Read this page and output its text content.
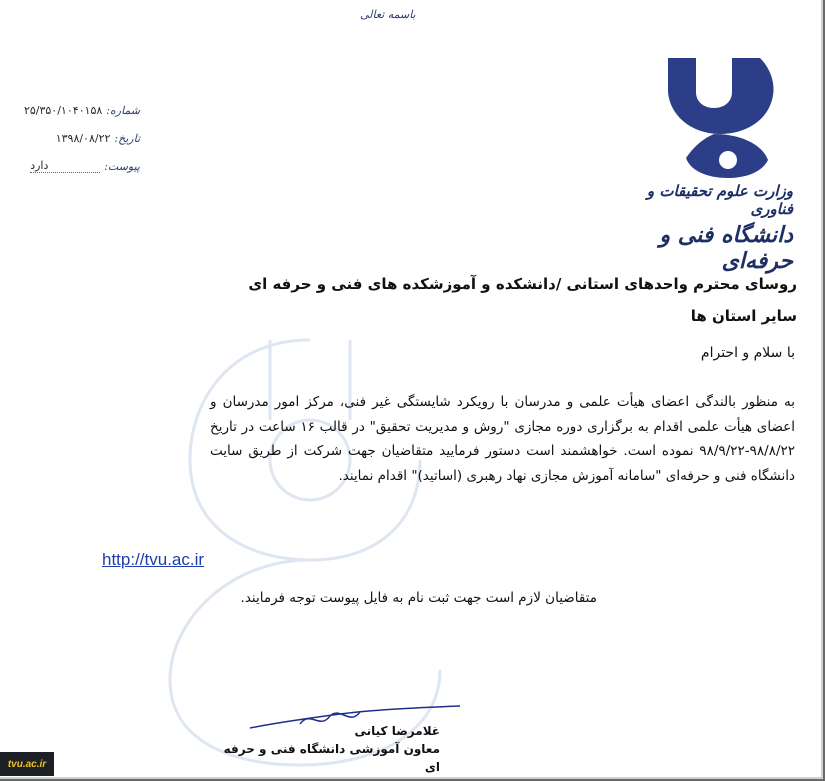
باسمه تعالی
شماره:
۲۵/۳۵۰/۱۰۴۰۱۵۸
تاریخ:
۱۳۹۸/۰۸/۲۲
پیوست:
دارد
وزارت علوم تحقیقات و فناوری
دانشگاه فنی و حرفه‌ای
روسای محترم واحدهای استانی /دانشکده و آموزشکده های فنی و حرفه ای سایر استان ها
با سلام و احترام
به منظور بالندگی اعضای هیأت علمی و مدرسان با رویکرد شایستگی غیر فنی، مرکز امور مدرسان و اعضای هیأت علمی اقدام به برگزاری دوره مجازی "روش و مدیریت تحقیق" در قالب ۱۶ ساعت در تاریخ ۹۸/۸/۲۲-۹۸/۹/۲۲ نموده است. خواهشمند است دستور فرمایید متقاضیان جهت شرکت از طریق سایت دانشگاه فنی و حرفه‌ای "سامانه آموزش مجازی نهاد رهبری (اساتید)" اقدام نمایند.
http://tvu.ac.ir
متقاضیان لازم است جهت ثبت نام به فایل پیوست توجه فرمایند.
غلامرضا کیانی
معاون آموزشی دانشگاه فنی و حرفه ای
tvu.ac.ir
